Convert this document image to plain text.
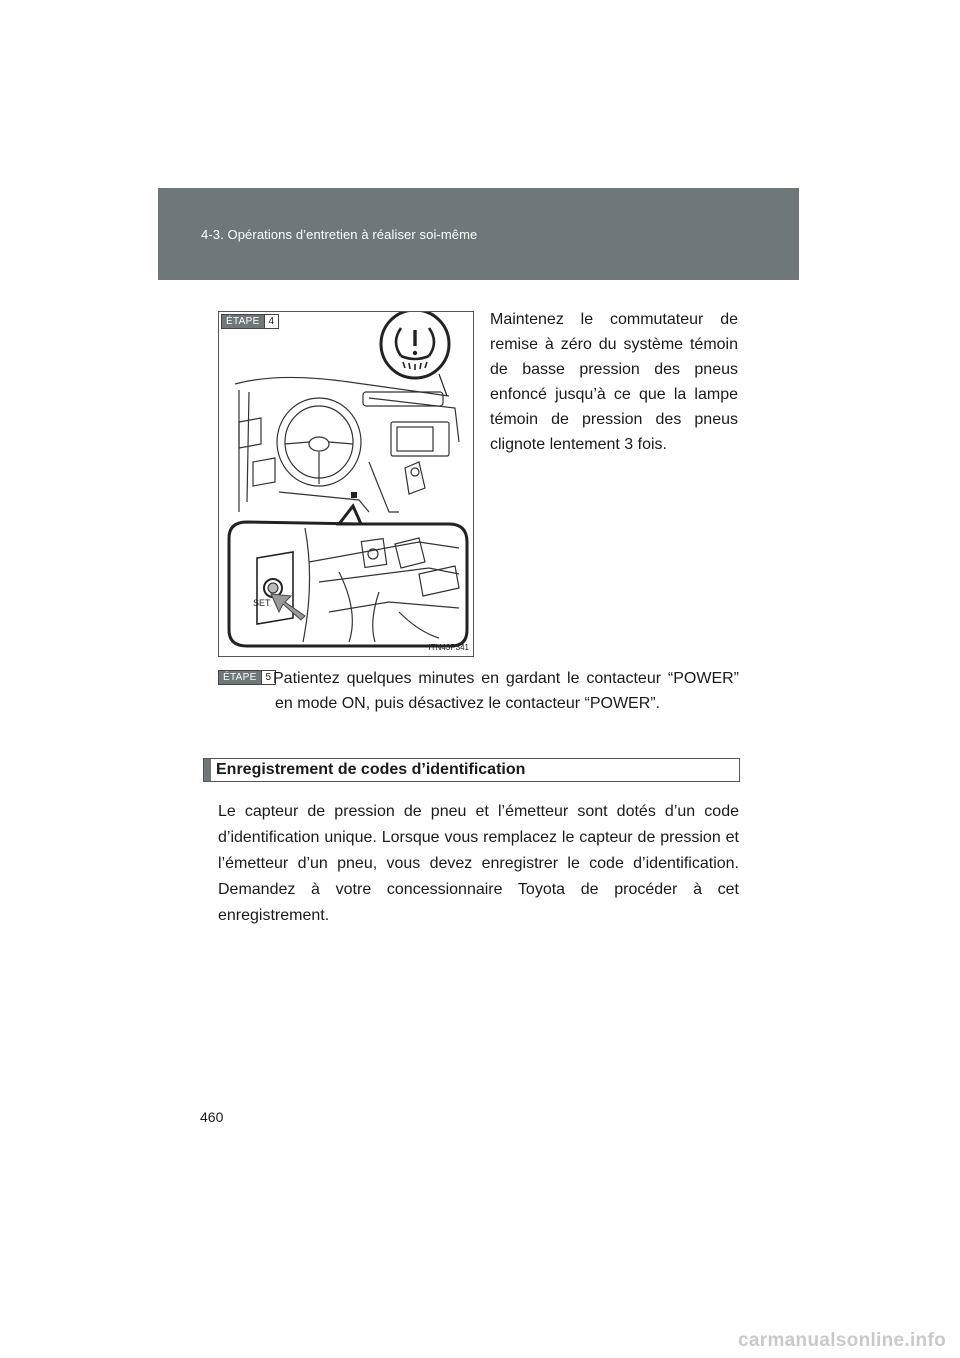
4-3. Opérations d’entretien à réaliser soi-même
ÉTAPE 4
SET
ITN43P341
Maintenez le commutateur de remise à zéro du système témoin de basse pression des pneus enfoncé jusqu’à ce que la lampe témoin de pression des pneus clignote lentement 3 fois.
ÉTAPE 5 Patientez quelques minutes en gardant le contacteur “POWER” en mode ON, puis désactivez le contacteur “POWER”.
Enregistrement de codes d’identification
Le capteur de pression de pneu et l’émetteur sont dotés d’un code d’identification unique. Lorsque vous remplacez le capteur de pression et l’émetteur d’un pneu, vous devez enregistrer le code d’identification. Demandez à votre concessionnaire Toyota de procéder à cet enregistrement.
460
carmanualsonline.info
